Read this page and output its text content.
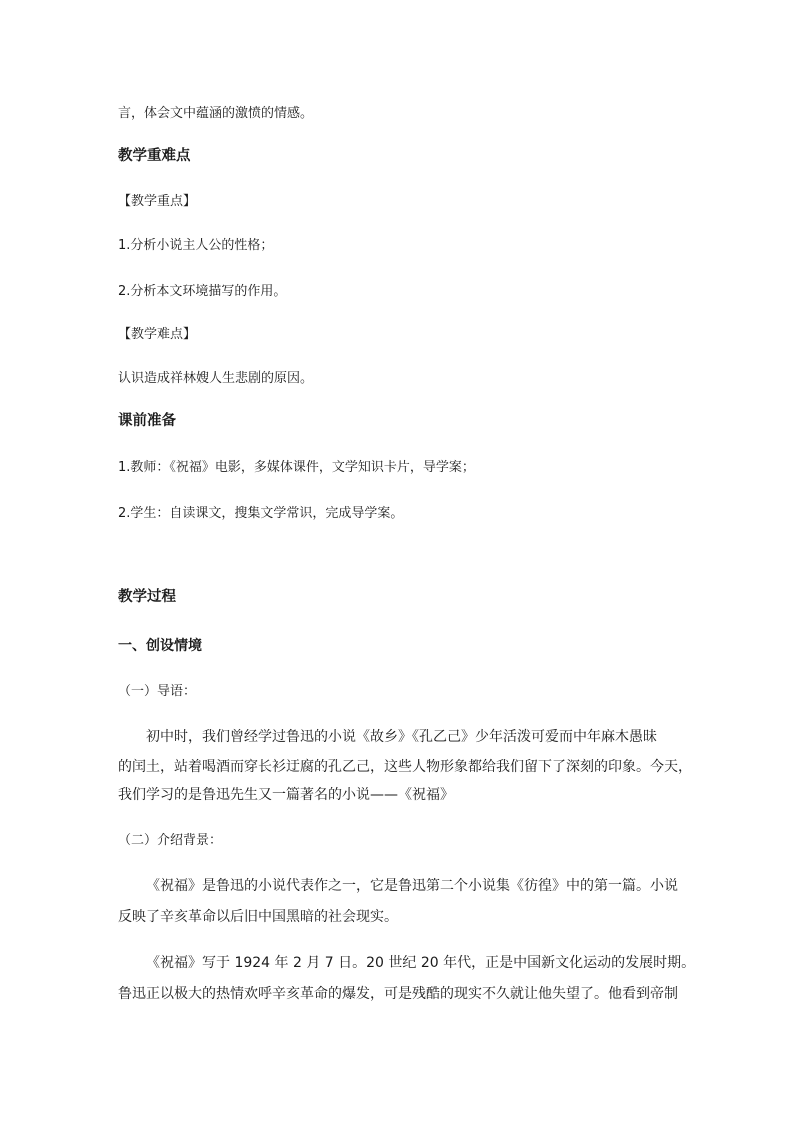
言，体会文中蕴涵的激愤的情感。
教学重难点
【教学重点】
1.分析小说主人公的性格；
2.分析本文环境描写的作用。
【教学难点】
认识造成祥林嫂人生悲剧的原因。
课前准备
1.教师：《祝福》电影，多媒体课件，文学知识卡片，导学案；
2.学生：自读课文，搜集文学常识，完成导学案。
教学过程
一、创设情境
（一）导语：
初中时，我们曾经学过鲁迅的小说《故乡》《孔乙己》少年活泼可爱而中年麻木愚昧
的闰土，站着喝酒而穿长衫迂腐的孔乙己，这些人物形象都给我们留下了深刻的印象。今天，
我们学习的是鲁迅先生又一篇著名的小说——《祝福》
（二）介绍背景：
《祝福》是鲁迅的小说代表作之一，它是鲁迅第二个小说集《彷徨》中的第一篇。小说
反映了辛亥革命以后旧中国黑暗的社会现实。
《祝福》写于 1924 年 2 月 7 日。20 世纪 20 年代，正是中国新文化运动的发展时期。
鲁迅正以极大的热情欢呼辛亥革命的爆发，可是残酷的现实不久就让他失望了。他看到帝制
